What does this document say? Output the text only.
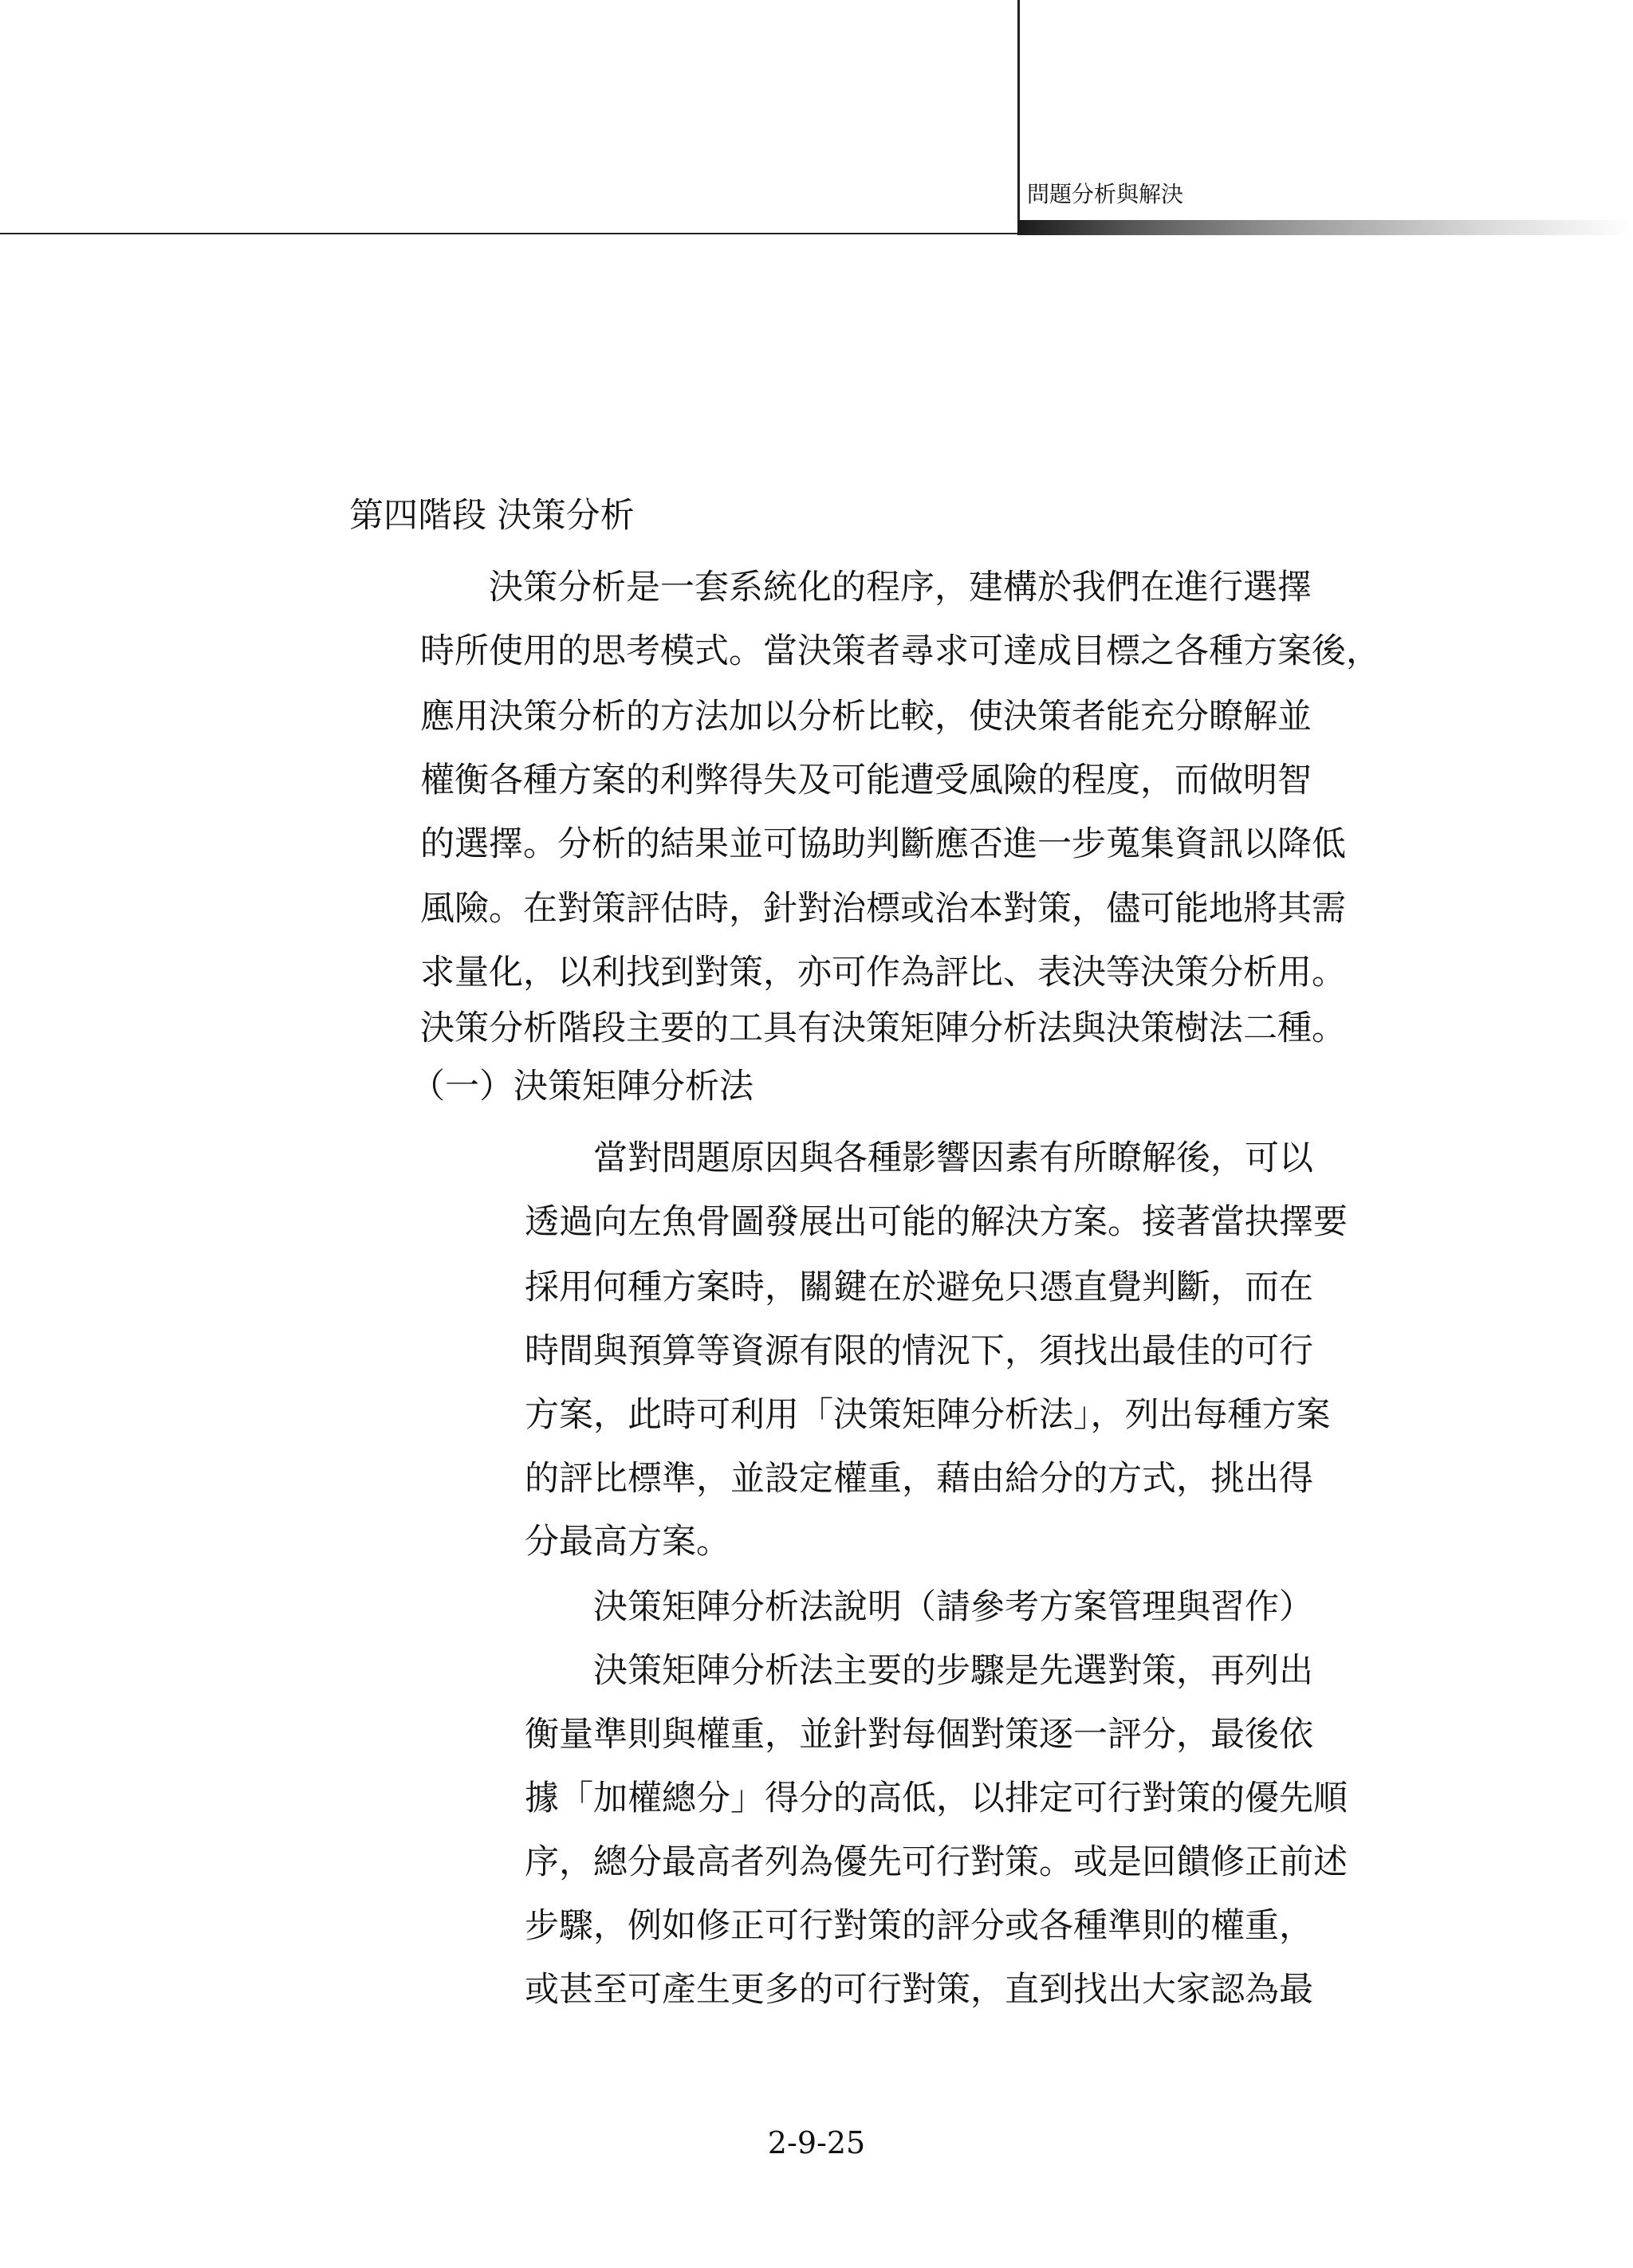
問題分析與解決
第四階段 決策分析
決策分析是一套系統化的程序，建構於我們在進行選擇
時所使用的思考模式。當決策者尋求可達成目標之各種方案後，
應用決策分析的方法加以分析比較，使決策者能充分瞭解並
權衡各種方案的利弊得失及可能遭受風險的程度，而做明智
的選擇。分析的結果並可協助判斷應否進一步蒐集資訊以降低
風險。在對策評估時，針對治標或治本對策，儘可能地將其需
求量化，以利找到對策，亦可作為評比、表決等決策分析用。
決策分析階段主要的工具有決策矩陣分析法與決策樹法二種。
（一）決策矩陣分析法
當對問題原因與各種影響因素有所瞭解後，可以
透過向左魚骨圖發展出可能的解決方案。接著當抉擇要
採用何種方案時，關鍵在於避免只憑直覺判斷，而在
時間與預算等資源有限的情況下，須找出最佳的可行
方案，此時可利用「決策矩陣分析法」，列出每種方案
的評比標準，並設定權重，藉由給分的方式，挑出得
分最高方案。
決策矩陣分析法說明（請參考方案管理與習作）
決策矩陣分析法主要的步驟是先選對策，再列出
衡量準則與權重，並針對每個對策逐一評分，最後依
據「加權總分」得分的高低，以排定可行對策的優先順
序，總分最高者列為優先可行對策。或是回饋修正前述
步驟，例如修正可行對策的評分或各種準則的權重，
或甚至可產生更多的可行對策，直到找出大家認為最
2-9-25
